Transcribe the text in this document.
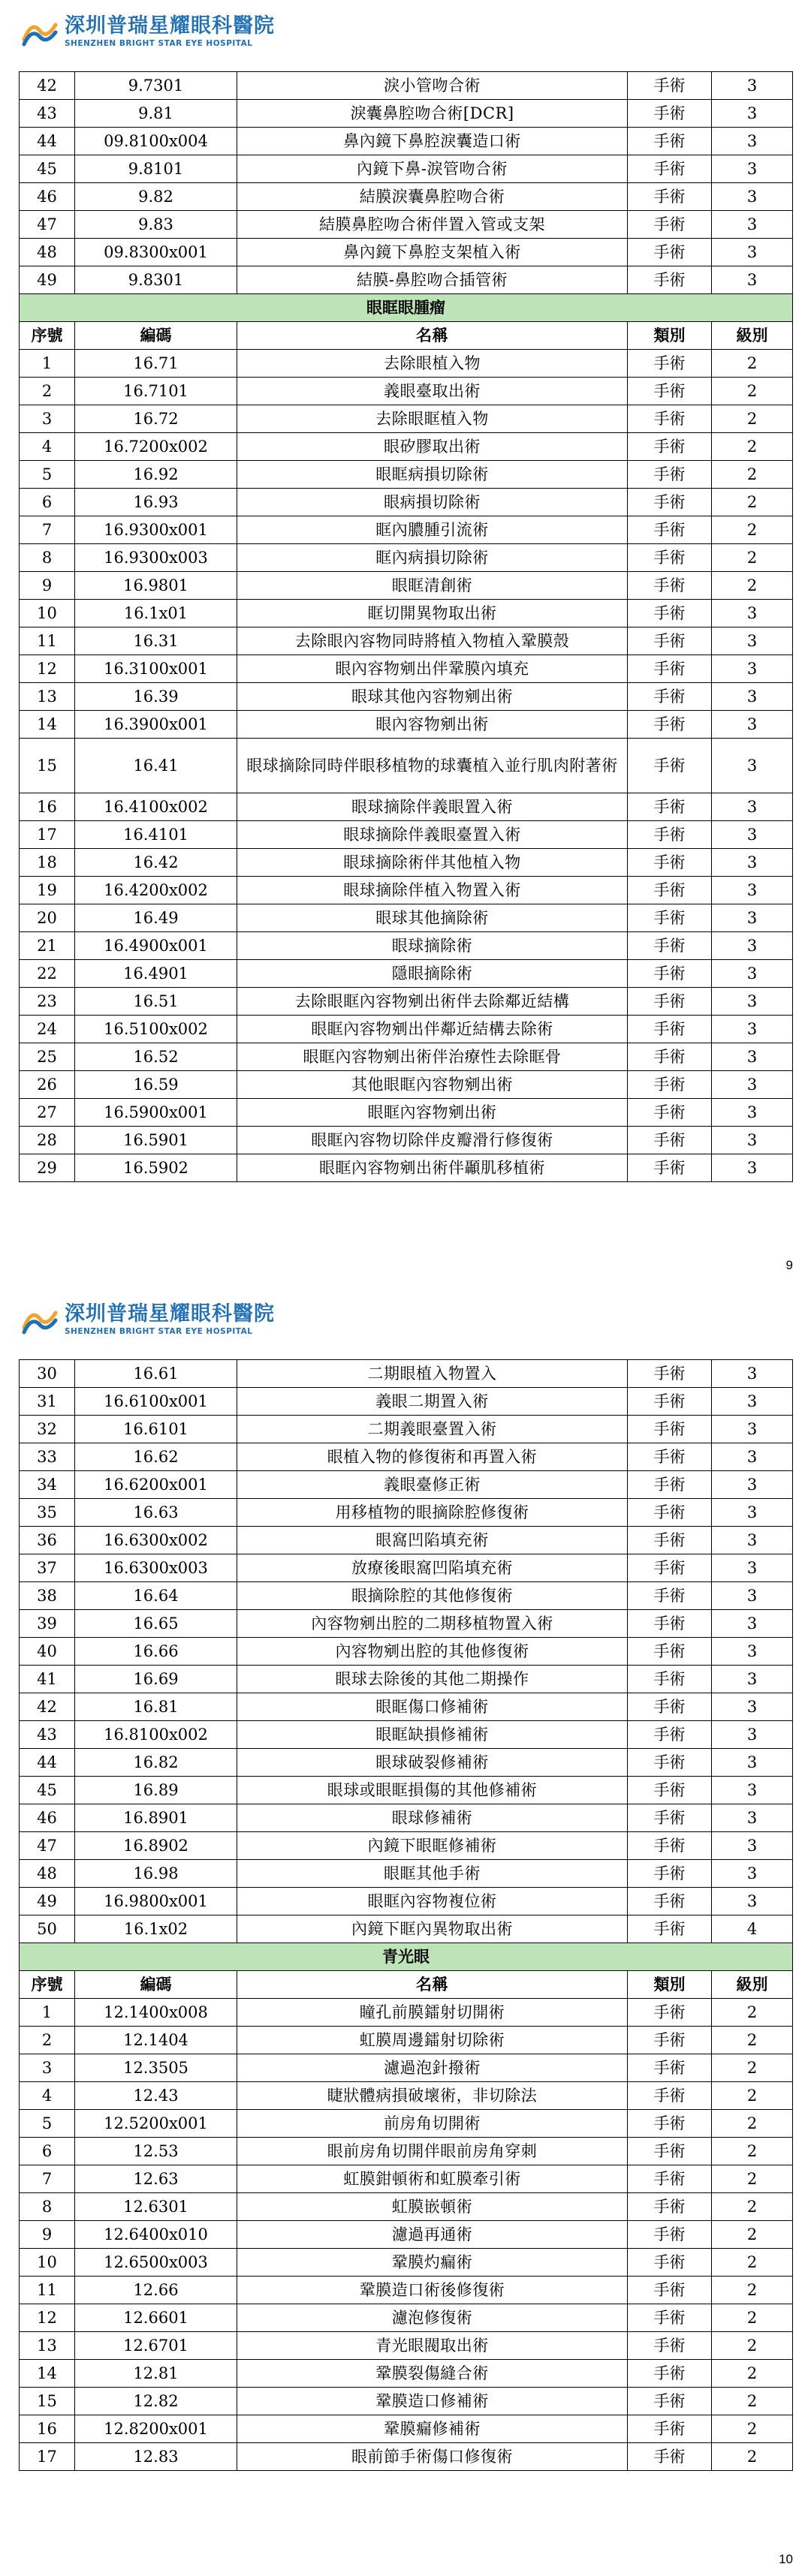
深圳普瑞星耀眼科醫院
SHENZHEN BRIGHT STAR EYE HOSPITAL
42	9.7301	淚小管吻合術	手術	3
43	9.81	淚囊鼻腔吻合術[DCR]	手術	3
44	09.8100x004	鼻內鏡下鼻腔淚囊造口術	手術	3
45	9.8101	內鏡下鼻-淚管吻合術	手術	3
46	9.82	結膜淚囊鼻腔吻合術	手術	3
47	9.83	結膜鼻腔吻合術伴置入管或支架	手術	3
48	09.8300x001	鼻內鏡下鼻腔支架植入術	手術	3
49	9.8301	結膜-鼻腔吻合插管術	手術	3
眼眶眼腫瘤				
序號	編碼	名稱	類別	級別
1	16.71	去除眼植入物	手術	2
2	16.7101	義眼臺取出術	手術	2
3	16.72	去除眼眶植入物	手術	2
4	16.7200x002	眼矽膠取出術	手術	2
5	16.92	眼眶病損切除術	手術	2
6	16.93	眼病損切除術	手術	2
7	16.9300x001	眶內膿腫引流術	手術	2
8	16.9300x003	眶內病損切除術	手術	2
9	16.9801	眼眶清創術	手術	2
10	16.1x01	眶切開異物取出術	手術	3
11	16.31	去除眼內容物同時將植入物植入鞏膜殼	手術	3
12	16.3100x001	眼內容物剜出伴鞏膜內填充	手術	3
13	16.39	眼球其他內容物剜出術	手術	3
14	16.3900x001	眼內容物剜出術	手術	3
15	16.41	眼球摘除同時伴眼移植物的球囊植入並行肌肉附著術	手術	3
16	16.4100x002	眼球摘除伴義眼置入術	手術	3
17	16.4101	眼球摘除伴義眼臺置入術	手術	3
18	16.42	眼球摘除術伴其他植入物	手術	3
19	16.4200x002	眼球摘除伴植入物置入術	手術	3
20	16.49	眼球其他摘除術	手術	3
21	16.4900x001	眼球摘除術	手術	3
22	16.4901	隱眼摘除術	手術	3
23	16.51	去除眼眶內容物剜出術伴去除鄰近結構	手術	3
24	16.5100x002	眼眶內容物剜出伴鄰近結構去除術	手術	3
25	16.52	眼眶內容物剜出術伴治療性去除眶骨	手術	3
26	16.59	其他眼眶內容物剜出術	手術	3
27	16.5900x001	眼眶內容物剜出術	手術	3
28	16.5901	眼眶內容物切除伴皮瓣滑行修復術	手術	3
29	16.5902	眼眶內容物剜出術伴顳肌移植術	手術	3
9
深圳普瑞星耀眼科醫院
SHENZHEN BRIGHT STAR EYE HOSPITAL
30	16.61	二期眼植入物置入	手術	3
31	16.6100x001	義眼二期置入術	手術	3
32	16.6101	二期義眼臺置入術	手術	3
33	16.62	眼植入物的修復術和再置入術	手術	3
34	16.6200x001	義眼臺修正術	手術	3
35	16.63	用移植物的眼摘除腔修復術	手術	3
36	16.6300x002	眼窩凹陷填充術	手術	3
37	16.6300x003	放療後眼窩凹陷填充術	手術	3
38	16.64	眼摘除腔的其他修復術	手術	3
39	16.65	內容物剜出腔的二期移植物置入術	手術	3
40	16.66	內容物剜出腔的其他修復術	手術	3
41	16.69	眼球去除後的其他二期操作	手術	3
42	16.81	眼眶傷口修補術	手術	3
43	16.8100x002	眼眶缺損修補術	手術	3
44	16.82	眼球破裂修補術	手術	3
45	16.89	眼球或眼眶損傷的其他修補術	手術	3
46	16.8901	眼球修補術	手術	3
47	16.8902	內鏡下眼眶修補術	手術	3
48	16.98	眼眶其他手術	手術	3
49	16.9800x001	眼眶內容物複位術	手術	3
50	16.1x02	內鏡下眶內異物取出術	手術	4
青光眼				
序號	編碼	名稱	類別	級別
1	12.1400x008	瞳孔前膜鐳射切開術	手術	2
2	12.1404	虹膜周邊鐳射切除術	手術	2
3	12.3505	濾過泡針撥術	手術	2
4	12.43	睫狀體病損破壞術，非切除法	手術	2
5	12.5200x001	前房角切開術	手術	2
6	12.53	眼前房角切開伴眼前房角穿刺	手術	2
7	12.63	虹膜鉗頓術和虹膜牽引術	手術	2
8	12.6301	虹膜嵌頓術	手術	2
9	12.6400x010	濾過再通術	手術	2
10	12.6500x003	鞏膜灼瘺術	手術	2
11	12.66	鞏膜造口術後修復術	手術	2
12	12.6601	濾泡修復術	手術	2
13	12.6701	青光眼閥取出術	手術	2
14	12.81	鞏膜裂傷縫合術	手術	2
15	12.82	鞏膜造口修補術	手術	2
16	12.8200x001	鞏膜瘺修補術	手術	2
17	12.83	眼前節手術傷口修復術	手術	2
10
